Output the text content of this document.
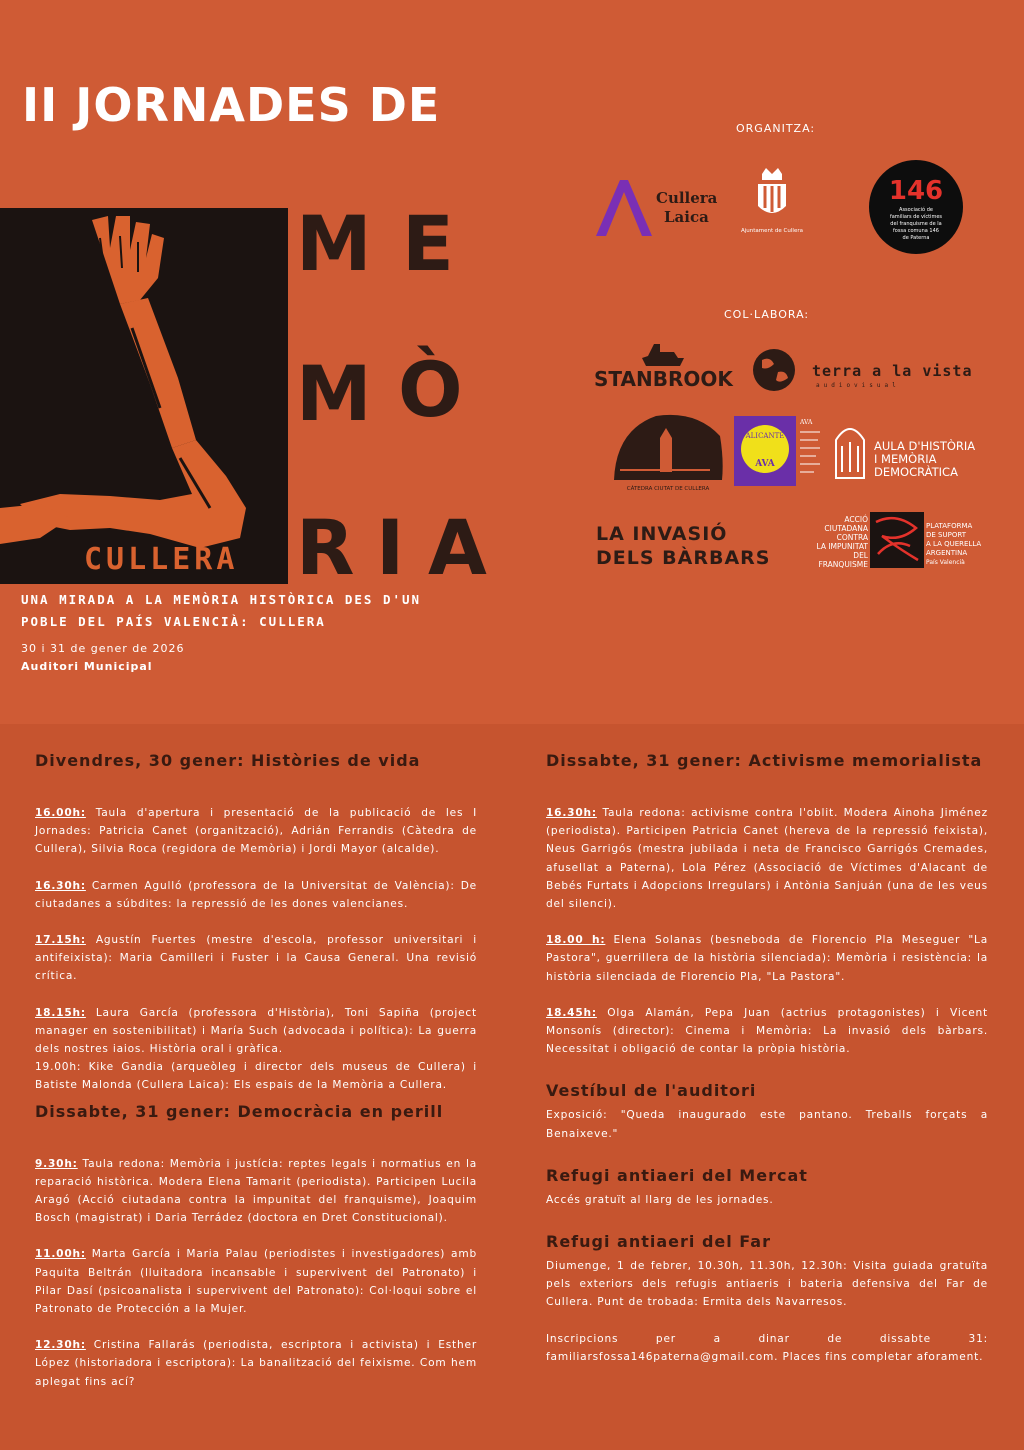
II JORNADES DE
CULLERA
M E
M Ò
R I A
UNA MIRADA A LA MEMÒRIA HISTÒRICA DES D'UN POBLE DEL PAÍS VALENCIÀ: CULLERA
30 i 31 de gener de 2026
Auditori Municipal
ORGANITZA:
Cullera
Laica
Ajuntament de Cullera
146
Associació de
familiars de víctimes
del franquisme de la
fossa comuna 146
de Paterna
COL·LABORA:
STANBROOK	terra a la vista
audiovisual
CÀTEDRA CIUTAT DE CULLERA
ALICANTE
AVA
AVA
AULA D'HISTÒRIA
I MEMÒRIA
DEMOCRÀTICA
LA INVASIÓ
DELS BÀRBARS
ACCIÓ
CIUTADANA
CONTRA
LA IMPUNITAT
DEL
FRANQUISME
PLATAFORMA
DE SUPORT
A LA QUERELLA
ARGENTINA
País Valencià
Divendres, 30 gener: Històries de vida

16.00h: Taula d'apertura i presentació de la publicació de les I Jornades: Patricia Canet (organització), Adrián Ferrandis (Càtedra de Cullera), Silvia Roca (regidora de Memòria) i Jordi Mayor (alcalde).

16.30h: Carmen Agulló (professora de la Universitat de València): De ciutadanes a súbdites: la repressió de les dones valencianes.

17.15h: Agustín Fuertes (mestre d'escola, professor universitari i antifeixista): Maria Camilleri i Fuster i la Causa General. Una revisió crítica.

18.15h: Laura García (professora d'Història), Toni Sapiña (project manager en sostenibilitat) i María Such (advocada i política): La guerra dels nostres iaios. Història oral i gràfica.

19.00h: Kike Gandia (arqueòleg i director dels museus de Cullera) i Batiste Malonda (Cullera Laica): Els espais de la Memòria a Cullera.

Dissabte, 31 gener: Democràcia en perill

9.30h: Taula redona: Memòria i justícia: reptes legals i normatius en la reparació històrica. Modera Elena Tamarit (periodista). Participen Lucila Aragó (Acció ciutadana contra la impunitat del franquisme), Joaquim Bosch (magistrat) i Daria Terrádez (doctora en Dret Constitucional).

11.00h: Marta García i Maria Palau (periodistes i investigadores) amb Paquita Beltrán (lluitadora incansable i supervivent del Patronato) i Pilar Dasí (psicoanalista i supervivent del Patronato): Col·loqui sobre el Patronato de Protección a la Mujer.

12.30h: Cristina Fallarás (periodista, escriptora i activista) i Esther López (historiadora i escriptora): La banalització del feixisme. Com hem aplegat fins ací?

Dissabte, 31 gener: Activisme memorialista

16.30h: Taula redona: activisme contra l'oblit. Modera Ainoha Jiménez (periodista). Participen Patricia Canet (hereva de la repressió feixista), Neus Garrigós (mestra jubilada i neta de Francisco Garrigós Cremades, afusellat a Paterna), Lola Pérez (Associació de Víctimes d'Alacant de Bebés Furtats i Adopcions Irregulars) i Antònia Sanjuán (una de les veus del silenci).

18.00 h: Elena Solanas (besneboda de Florencio Pla Meseguer "La Pastora", guerrillera de la història silenciada): Memòria i resistència: la història silenciada de Florencio Pla, "La Pastora".

18.45h: Olga Alamán, Pepa Juan (actrius protagonistes) i Vicent Monsonís (director): Cinema i Memòria: La invasió dels bàrbars. Necessitat i obligació de contar la pròpia història.

Vestíbul de l'auditori

Exposició: "Queda inaugurado este pantano. Treballs forçats a Benaixeve."

Refugi antiaeri del Mercat

Accés gratuït al llarg de les jornades.

Refugi antiaeri del Far

Diumenge, 1 de febrer, 10.30h, 11.30h, 12.30h: Visita guiada gratuïta pels exteriors dels refugis antiaeris i bateria defensiva del Far de Cullera. Punt de trobada: Ermita dels Navarresos.

Inscripcions per a dinar de dissabte 31: familiarsfossa146paterna@gmail.com. Places fins completar aforament.
